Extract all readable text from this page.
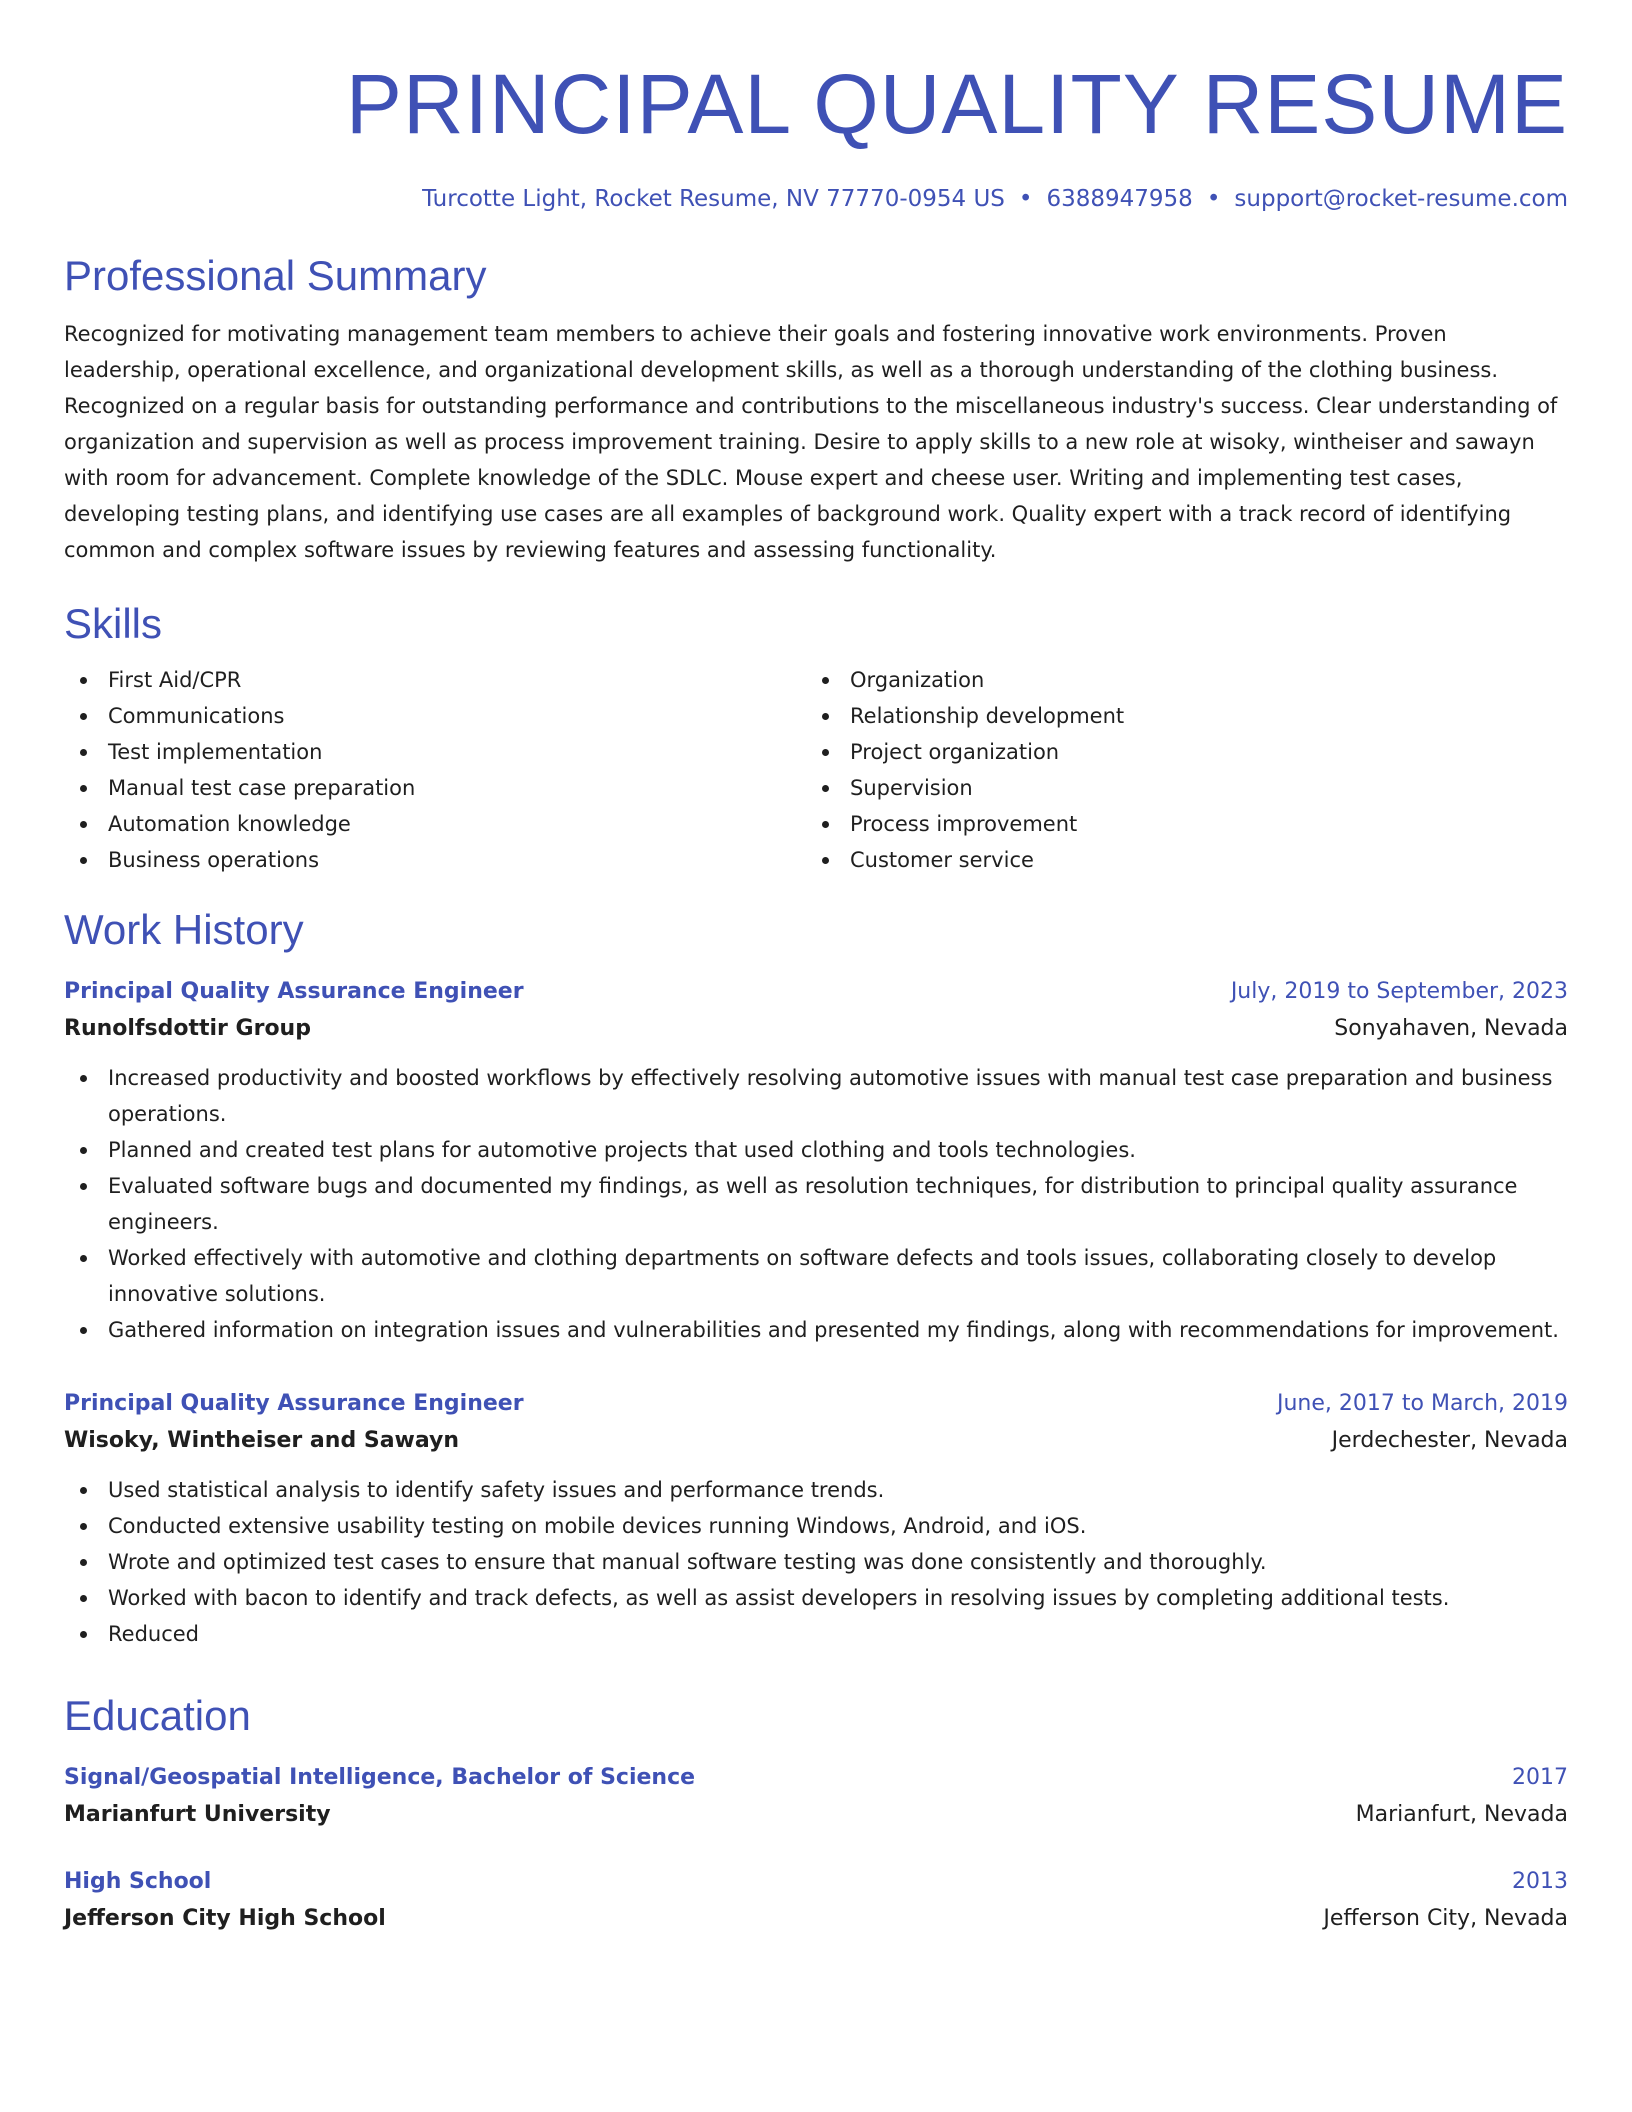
PRINCIPAL QUALITY RESUME
Turcotte Light, Rocket Resume, NV 77770-0954 US • 6388947958 • support@rocket-resume.com
Professional Summary

Recognized for motivating management team members to achieve their goals and fostering innovative work environments. Proven leadership, operational excellence, and organizational development skills, as well as a thorough understanding of the clothing business. Recognized on a regular basis for outstanding performance and contributions to the miscellaneous industry's success. Clear understanding of organization and supervision as well as process improvement training. Desire to apply skills to a new role at wisoky, wintheiser and sawayn with room for advancement. Complete knowledge of the SDLC. Mouse expert and cheese user. Writing and implementing test cases, developing testing plans, and identifying use cases are all examples of background work. Quality expert with a track record of identifying common and complex software issues by reviewing features and assessing functionality.

Skills
First Aid/CPR
Communications
Test implementation
Manual test case preparation
Automation knowledge
Business operations
Organization
Relationship development
Project organization
Supervision
Process improvement
Customer service
Work History
Principal Quality Assurance Engineer	July, 2019 to September, 2023
Runolfsdottir Group	Sonyahaven, Nevada
Increased productivity and boosted workflows by effectively resolving automotive issues with manual test case preparation and business operations.
Planned and created test plans for automotive projects that used clothing and tools technologies.
Evaluated software bugs and documented my findings, as well as resolution techniques, for distribution to principal quality assurance engineers.
Worked effectively with automotive and clothing departments on software defects and tools issues, collaborating closely to develop innovative solutions.
Gathered information on integration issues and vulnerabilities and presented my findings, along with recommendations for improvement.
Principal Quality Assurance Engineer	June, 2017 to March, 2019
Wisoky, Wintheiser and Sawayn	Jerdechester, Nevada
Used statistical analysis to identify safety issues and performance trends.
Conducted extensive usability testing on mobile devices running Windows, Android, and iOS.
Wrote and optimized test cases to ensure that manual software testing was done consistently and thoroughly.
Worked with bacon to identify and track defects, as well as assist developers in resolving issues by completing additional tests.
Reduced
Education
Signal/Geospatial Intelligence, Bachelor of Science	2017
Marianfurt University	Marianfurt, Nevada
High School	2013
Jefferson City High School	Jefferson City, Nevada
